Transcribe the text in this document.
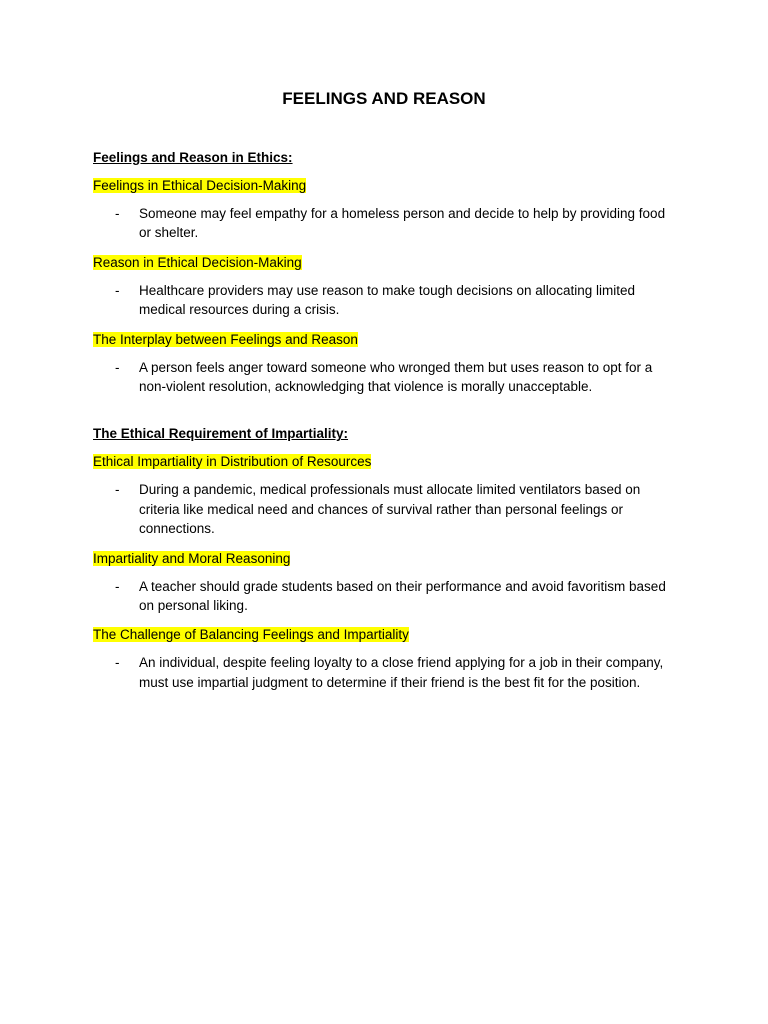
FEELINGS AND REASON

Feelings and Reason in Ethics:

Feelings in Ethical Decision-Making

- Someone may feel empathy for a homeless person and decide to help by providing food or shelter.

Reason in Ethical Decision-Making

- Healthcare providers may use reason to make tough decisions on allocating limited medical resources during a crisis.

The Interplay between Feelings and Reason

- A person feels anger toward someone who wronged them but uses reason to opt for a non-violent resolution, acknowledging that violence is morally unacceptable.

The Ethical Requirement of Impartiality:

Ethical Impartiality in Distribution of Resources

- During a pandemic, medical professionals must allocate limited ventilators based on criteria like medical need and chances of survival rather than personal feelings or connections.

Impartiality and Moral Reasoning

- A teacher should grade students based on their performance and avoid favoritism based on personal liking.

The Challenge of Balancing Feelings and Impartiality

- An individual, despite feeling loyalty to a close friend applying for a job in their company, must use impartial judgment to determine if their friend is the best fit for the position.
